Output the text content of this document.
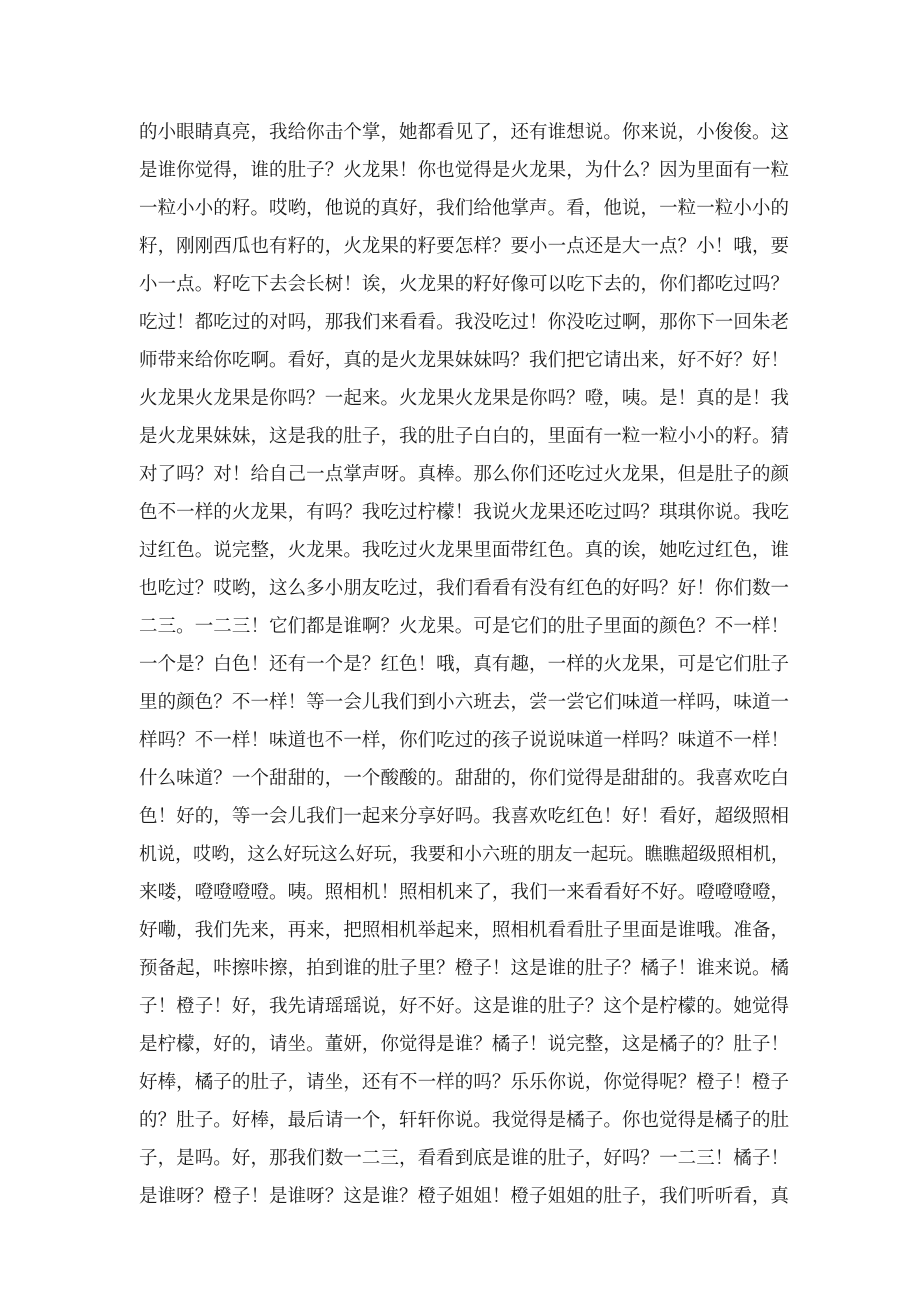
的小眼睛真亮，我给你击个掌，她都看见了，还有谁想说。你来说，小俊俊。这
是谁你觉得，谁的肚子？火龙果！你也觉得是火龙果，为什么？因为里面有一粒
一粒小小的籽。哎哟，他说的真好，我们给他掌声。看，他说，一粒一粒小小的
籽，刚刚西瓜也有籽的，火龙果的籽要怎样？要小一点还是大一点？小！哦，要
小一点。籽吃下去会长树！诶，火龙果的籽好像可以吃下去的，你们都吃过吗？
吃过！都吃过的对吗，那我们来看看。我没吃过！你没吃过啊，那你下一回朱老
师带来给你吃啊。看好，真的是火龙果妹妹吗？我们把它请出来，好不好？好！
火龙果火龙果是你吗？一起来。火龙果火龙果是你吗？噔，咦。是！真的是！我
是火龙果妹妹，这是我的肚子，我的肚子白白的，里面有一粒一粒小小的籽。猜
对了吗？对！给自己一点掌声呀。真棒。那么你们还吃过火龙果，但是肚子的颜
色不一样的火龙果，有吗？我吃过柠檬！我说火龙果还吃过吗？琪琪你说。我吃
过红色。说完整，火龙果。我吃过火龙果里面带红色。真的诶，她吃过红色，谁
也吃过？哎哟，这么多小朋友吃过，我们看看有没有红色的好吗？好！你们数一
二三。一二三！它们都是谁啊？火龙果。可是它们的肚子里面的颜色？不一样！
一个是？白色！还有一个是？红色！哦，真有趣，一样的火龙果，可是它们肚子
里的颜色？不一样！等一会儿我们到小六班去，尝一尝它们味道一样吗，味道一
样吗？不一样！味道也不一样，你们吃过的孩子说说味道一样吗？味道不一样！
什么味道？一个甜甜的，一个酸酸的。甜甜的，你们觉得是甜甜的。我喜欢吃白
色！好的，等一会儿我们一起来分享好吗。我喜欢吃红色！好！看好，超级照相
机说，哎哟，这么好玩这么好玩，我要和小六班的朋友一起玩。瞧瞧超级照相机，
来喽，噔噔噔噔。咦。照相机！照相机来了，我们一来看看好不好。噔噔噔噔，
好嘞，我们先来，再来，把照相机举起来，照相机看看肚子里面是谁哦。准备，
预备起，咔擦咔擦，拍到谁的肚子里？橙子！这是谁的肚子？橘子！谁来说。橘
子！橙子！好，我先请瑶瑶说，好不好。这是谁的肚子？这个是柠檬的。她觉得
是柠檬，好的，请坐。董妍，你觉得是谁？橘子！说完整，这是橘子的？肚子！
好棒，橘子的肚子，请坐，还有不一样的吗？乐乐你说，你觉得呢？橙子！橙子
的？肚子。好棒，最后请一个，轩轩你说。我觉得是橘子。你也觉得是橘子的肚
子，是吗。好，那我们数一二三，看看到底是谁的肚子，好吗？一二三！橘子！
是谁呀？橙子！是谁呀？这是谁？橙子姐姐！橙子姐姐的肚子，我们听听看，真
